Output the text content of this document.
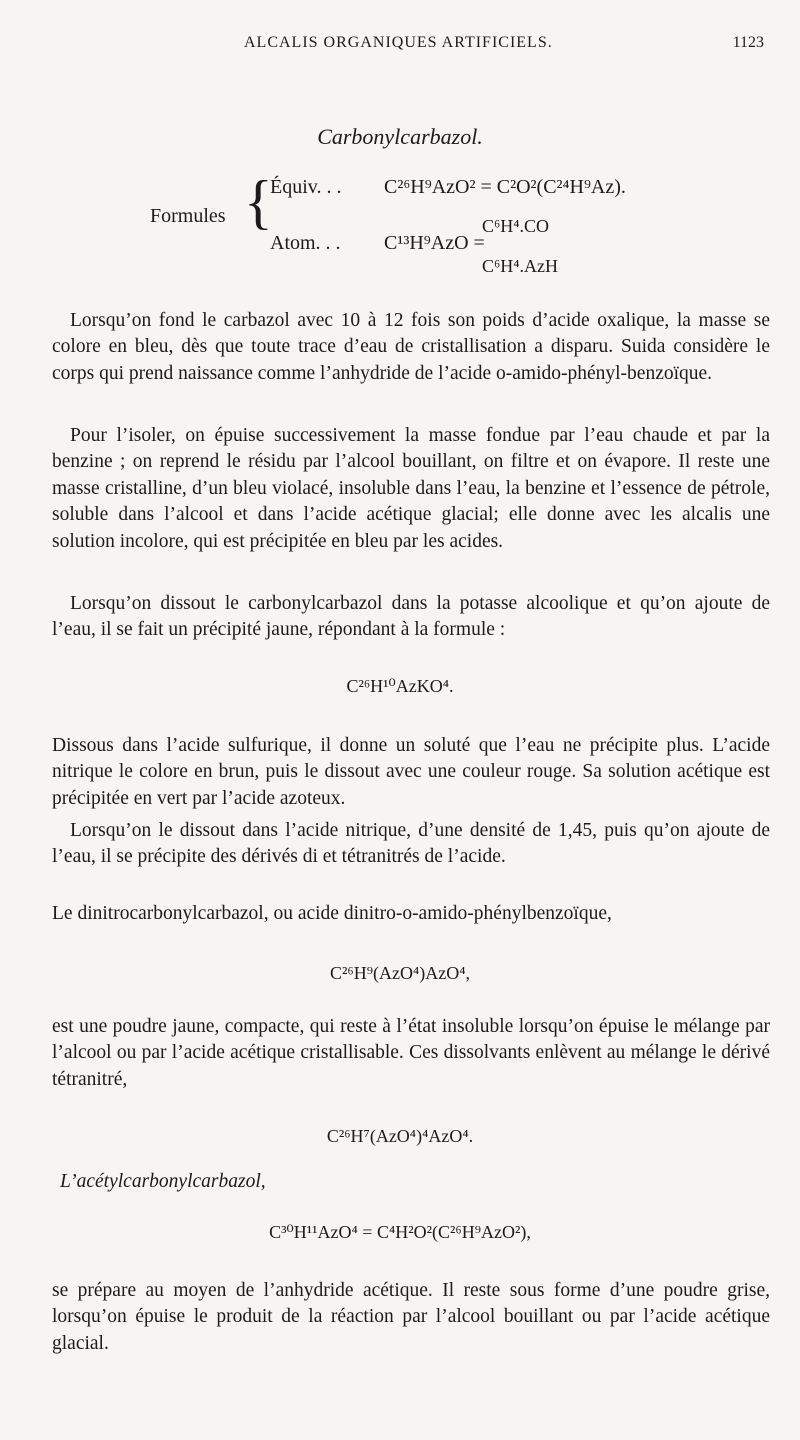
ALCALIS ORGANIQUES ARTIFICIELS.	1123
Carbonylcarbazol.
Formules {
Équiv. . . C²⁶H⁹AzO² = C²O²(C²⁴H⁹Az).
C⁶H⁴.CO
Atom. . . C¹³H⁹AzO =
C⁶H⁴.AzH

Lorsqu’on fond le carbazol avec 10 à 12 fois son poids d’acide oxalique, la masse se colore en bleu, dès que toute trace d’eau de cristallisation a disparu. Suida considère le corps qui prend naissance comme l’anhydride de l’acide o-amido-phényl-benzoïque.

Pour l’isoler, on épuise successivement la masse fondue par l’eau chaude et par la benzine ; on reprend le résidu par l’alcool bouillant, on filtre et on évapore. Il reste une masse cristalline, d’un bleu violacé, insoluble dans l’eau, la benzine et l’essence de pétrole, soluble dans l’alcool et dans l’acide acétique glacial; elle donne avec les alcalis une solution incolore, qui est précipitée en bleu par les acides.

Lorsqu’on dissout le carbonylcarbazol dans la potasse alcoolique et qu’on ajoute de l’eau, il se fait un précipité jaune, répondant à la formule :

C²⁶H¹⁰AzKO⁴.

Dissous dans l’acide sulfurique, il donne un soluté que l’eau ne précipite plus. L’acide nitrique le colore en brun, puis le dissout avec une couleur rouge. Sa solution acétique est précipitée en vert par l’acide azoteux.

Lorsqu’on le dissout dans l’acide nitrique, d’une densité de 1,45, puis qu’on ajoute de l’eau, il se précipite des dérivés di et tétranitrés de l’acide.

Le dinitrocarbonylcarbazol, ou acide dinitro-o-amido-phénylbenzoïque,

C²⁶H⁹(AzO⁴)AzO⁴,

est une poudre jaune, compacte, qui reste à l’état insoluble lorsqu’on épuise le mélange par l’alcool ou par l’acide acétique cristallisable. Ces dissolvants enlèvent au mélange le dérivé tétranitré,

C²⁶H⁷(AzO⁴)⁴AzO⁴.
L’acétylcarbonylcarbazol,
C³⁰H¹¹AzO⁴ = C⁴H²O²(C²⁶H⁹AzO²),

se prépare au moyen de l’anhydride acétique. Il reste sous forme d’une poudre grise, lorsqu’on épuise le produit de la réaction par l’alcool bouillant ou par l’acide acétique glacial.
